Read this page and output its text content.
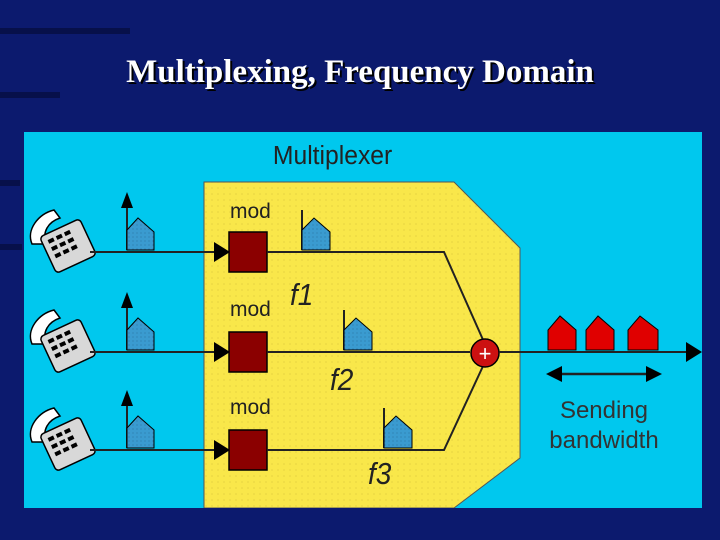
Multiplexing, Frequency Domain
Multiplexer
mod
f1
mod
f2
mod
f3
+
Sending
bandwidth
